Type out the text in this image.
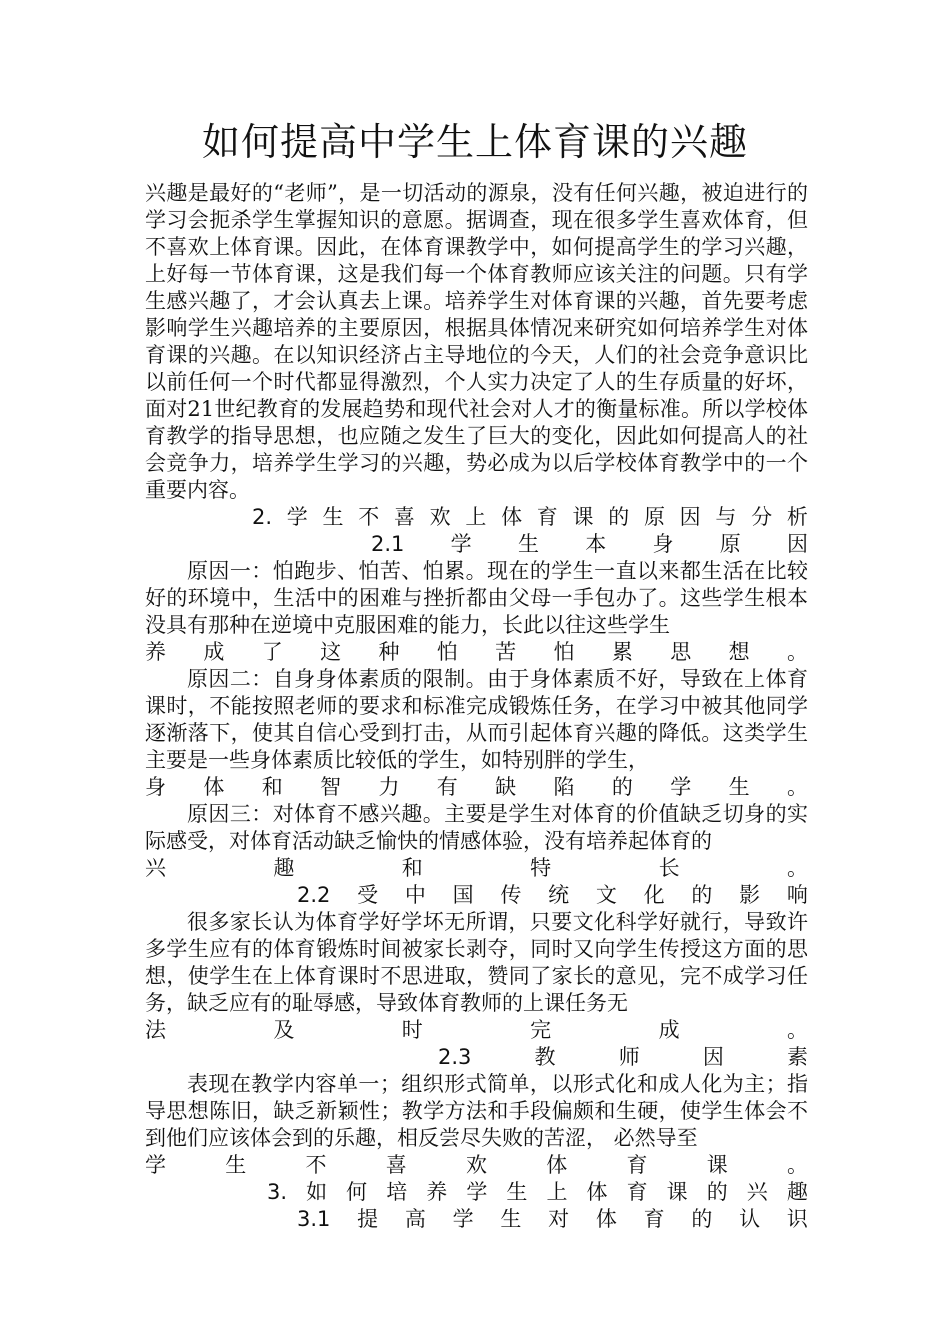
如何提高中学生上体育课的兴趣

兴趣是最好的“老师”，是一切活动的源泉，没有任何兴趣，被迫进行的学习会扼杀学生掌握知识的意愿。据调查，现在很多学生喜欢体育，但不喜欢上体育课。因此，在体育课教学中，如何提高学生的学习兴趣，上好每一节体育课，这是我们每一个体育教师应该关注的问题。只有学生感兴趣了，才会认真去上课。培养学生对体育课的兴趣，首先要考虑影响学生兴趣培养的主要原因，根据具体情况来研究如何培养学生对体育课的兴趣。在以知识经济占主导地位的今天，人们的社会竞争意识比以前任何一个时代都显得激烈，个人实力决定了人的生存质量的好坏，面对21世纪教育的发展趋势和现代社会对人才的衡量标准。所以学校体育教学的指导思想，也应随之发生了巨大的变化，因此如何提高人的社会竞争力，培养学生学习的兴趣，势必成为以后学校体育教学中的一个重要内容。

2. 学 生 不 喜 欢 上 体 育 课 的 原 因 与 分 析
2.1 学 生 本 身 原 因

原因一：怕跑步、怕苦、怕累。现在的学生一直以来都生活在比较好的环境中，生活中的困难与挫折都由父母一手包办了。这些学生根本没具有那种在逆境中克服困难的能力，长此以往这些学生

养 成 了 这 种 怕 苦 怕 累 思 想 。

原因二：自身身体素质的限制。由于身体素质不好，导致在上体育课时，不能按照老师的要求和标准完成锻炼任务，在学习中被其他同学逐渐落下，使其自信心受到打击，从而引起体育兴趣的降低。这类学生主要是一些身体素质比较低的学生，如特别胖的学生，

身 体 和 智 力 有 缺 陷 的 学 生 。

原因三：对体育不感兴趣。主要是学生对体育的价值缺乏切身的实际感受，对体育活动缺乏愉快的情感体验，没有培养起体育的

兴	趣	和	特	长	。
2.2 受 中 国 传 统 文 化 的 影 响

很多家长认为体育学好学坏无所谓，只要文化科学好就行，导致许多学生应有的体育锻炼时间被家长剥夺，同时又向学生传授这方面的思想，使学生在上体育课时不思进取，赞同了家长的意见，完不成学习任务，缺乏应有的耻辱感，导致体育教师的上课任务无

法	及	时	完	成	。
2.3	教	师	因	素

表现在教学内容单一；组织形式简单，以形式化和成人化为主；指导思想陈旧，缺乏新颖性；教学方法和手段偏颇和生硬，使学生体会不到他们应该体会到的乐趣，相反尝尽失败的苦涩， 必然导至

学	生	不	喜	欢	体	育	课	。
3. 如 何 培 养 学 生 上 体 育 课 的 兴 趣
3.1 提 高 学 生 对 体 育 的 认 识
